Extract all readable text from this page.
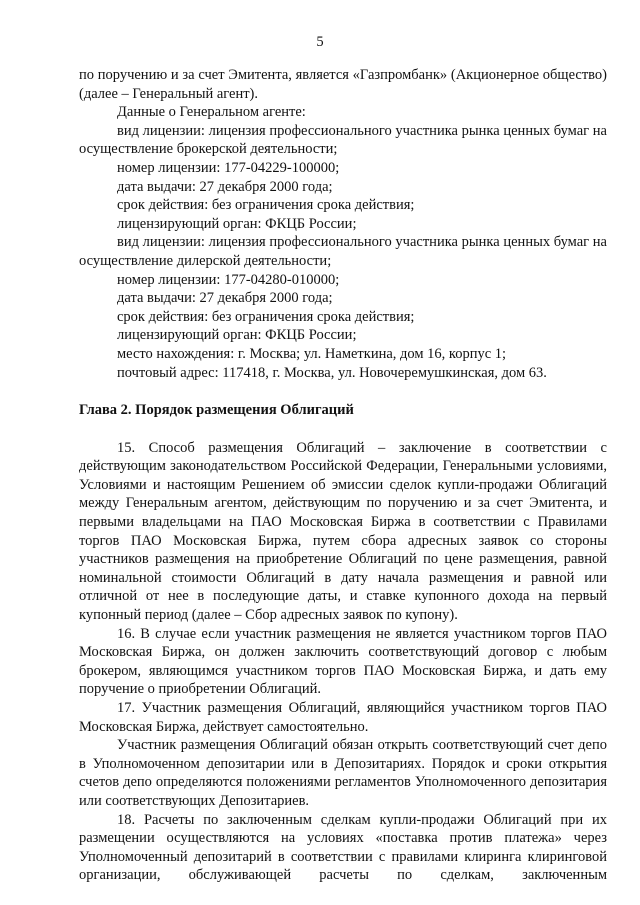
5

по поручению и за счет Эмитента, является «Газпромбанк» (Акционерное общество) (далее – Генеральный агент).

Данные о Генеральном агенте:

вид лицензии: лицензия профессионального участника рынка ценных бумаг на осуществление брокерской деятельности;

номер лицензии: 177-04229-100000;

дата выдачи: 27 декабря 2000 года;

срок действия: без ограничения срока действия;

лицензирующий орган: ФКЦБ России;

вид лицензии: лицензия профессионального участника рынка ценных бумаг на осуществление дилерской деятельности;

номер лицензии: 177-04280-010000;

дата выдачи: 27 декабря 2000 года;

срок действия: без ограничения срока действия;

лицензирующий орган: ФКЦБ России;

место нахождения: г. Москва; ул. Наметкина, дом 16, корпус 1;

почтовый адрес: 117418, г. Москва, ул. Новочеремушкинская, дом 63.

Глава 2. Порядок размещения Облигаций

15. Способ размещения Облигаций – заключение в соответствии с действующим законодательством Российской Федерации, Генеральными условиями, Условиями и настоящим Решением об эмиссии сделок купли-продажи Облигаций между Генеральным агентом, действующим по поручению и за счет Эмитента, и первыми владельцами на ПАО Московская Биржа в соответствии с Правилами торгов ПАО Московская Биржа, путем сбора адресных заявок со стороны участников размещения на приобретение Облигаций по цене размещения, равной номинальной стоимости Облигаций в дату начала размещения и равной или отличной от нее в последующие даты, и ставке купонного дохода на первый купонный период (далее – Сбор адресных заявок по купону).

16. В случае если участник размещения не является участником торгов ПАО Московская Биржа, он должен заключить соответствующий договор с любым брокером, являющимся участником торгов ПАО Московская Биржа, и дать ему поручение о приобретении Облигаций.

17. Участник размещения Облигаций, являющийся участником торгов ПАО Московская Биржа, действует самостоятельно.

Участник размещения Облигаций обязан открыть соответствующий счет депо в Уполномоченном депозитарии или в Депозитариях. Порядок и сроки открытия счетов депо определяются положениями регламентов Уполномоченного депозитария или соответствующих Депозитариев.

18. Расчеты по заключенным сделкам купли-продажи Облигаций при их размещении осуществляются на условиях «поставка против платежа» через Уполномоченный депозитарий в соответствии с правилами клиринга клиринговой организации, обслуживающей расчеты по сделкам, заключенным
